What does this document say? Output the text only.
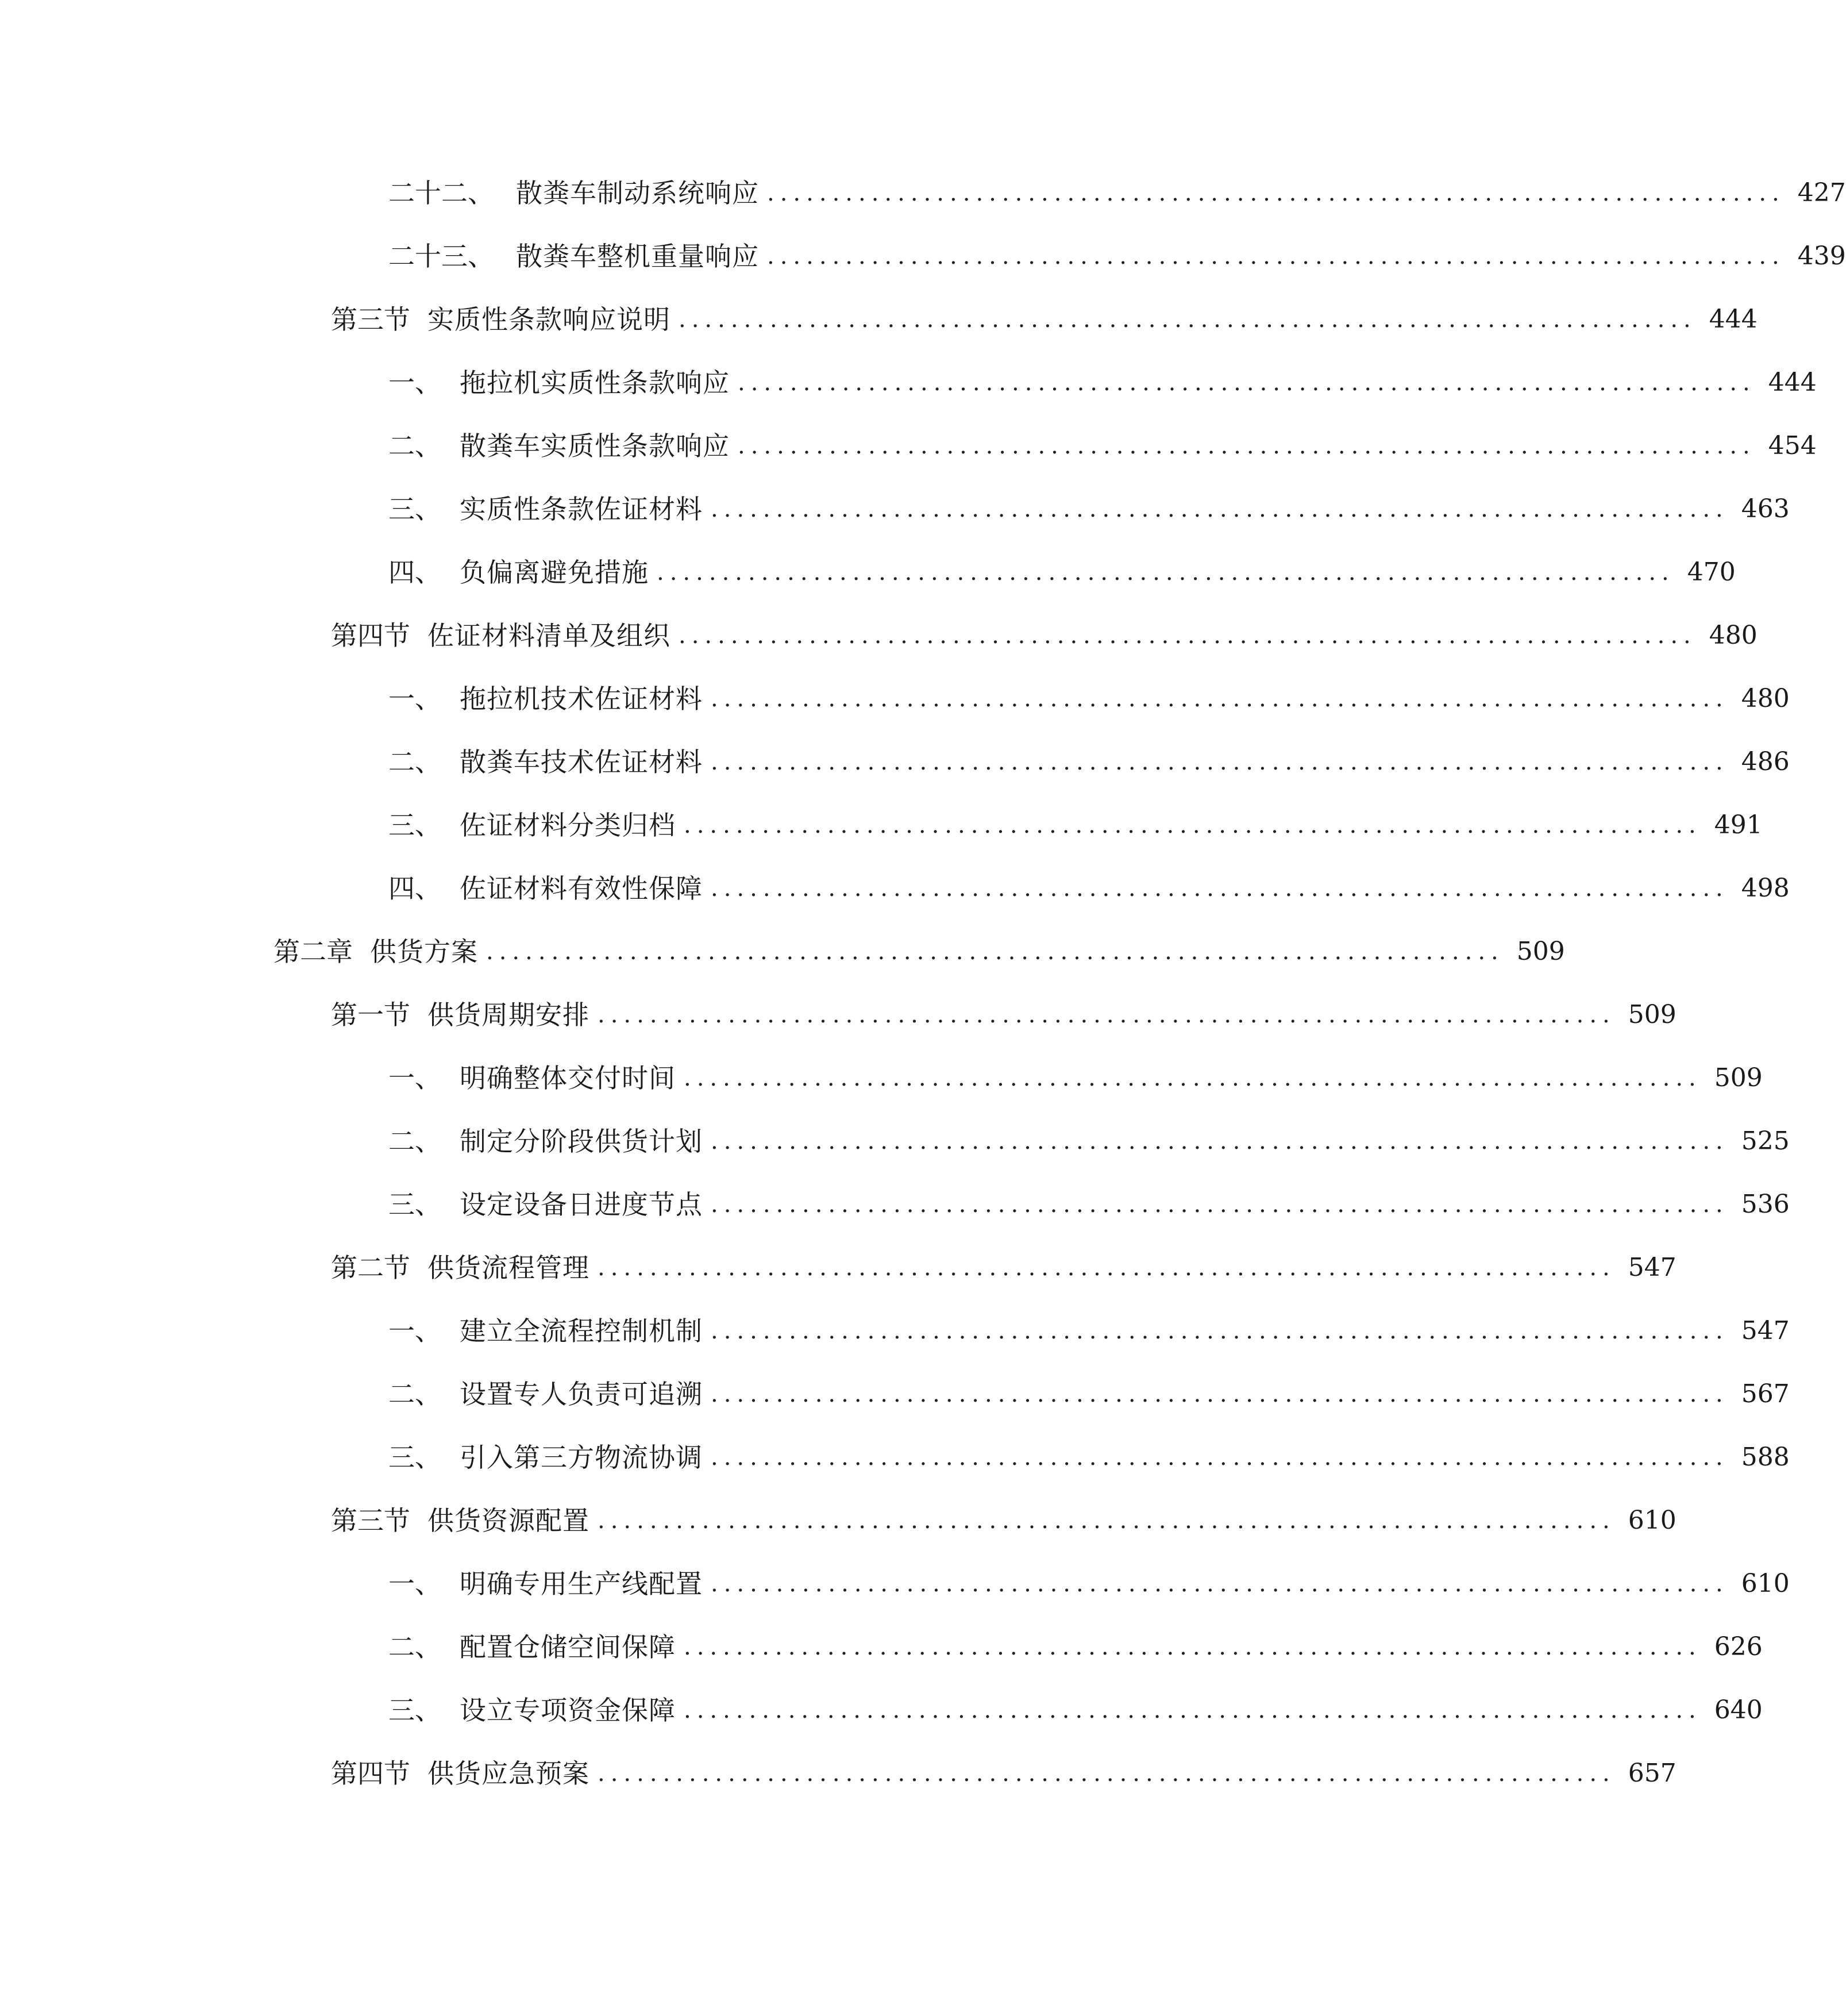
二十二、 散粪车制动系统响应 .............................................................................. 427
二十三、 散粪车整机重量响应 .............................................................................. 439
第三节 实质性条款响应说明 .............................................................................. 444
一、 拖拉机实质性条款响应 .............................................................................. 444
二、 散粪车实质性条款响应 .............................................................................. 454
三、 实质性条款佐证材料 .............................................................................. 463
四、 负偏离避免措施 .............................................................................. 470
第四节 佐证材料清单及组织 .............................................................................. 480
一、 拖拉机技术佐证材料 .............................................................................. 480
二、 散粪车技术佐证材料 .............................................................................. 486
三、 佐证材料分类归档 .............................................................................. 491
四、 佐证材料有效性保障 .............................................................................. 498
第二章 供货方案 .............................................................................. 509
第一节 供货周期安排 .............................................................................. 509
一、 明确整体交付时间 .............................................................................. 509
二、 制定分阶段供货计划 .............................................................................. 525
三、 设定设备日进度节点 .............................................................................. 536
第二节 供货流程管理 .............................................................................. 547
一、 建立全流程控制机制 .............................................................................. 547
二、 设置专人负责可追溯 .............................................................................. 567
三、 引入第三方物流协调 .............................................................................. 588
第三节 供货资源配置 .............................................................................. 610
一、 明确专用生产线配置 .............................................................................. 610
二、 配置仓储空间保障 .............................................................................. 626
三、 设立专项资金保障 .............................................................................. 640
第四节 供货应急预案 .............................................................................. 657
